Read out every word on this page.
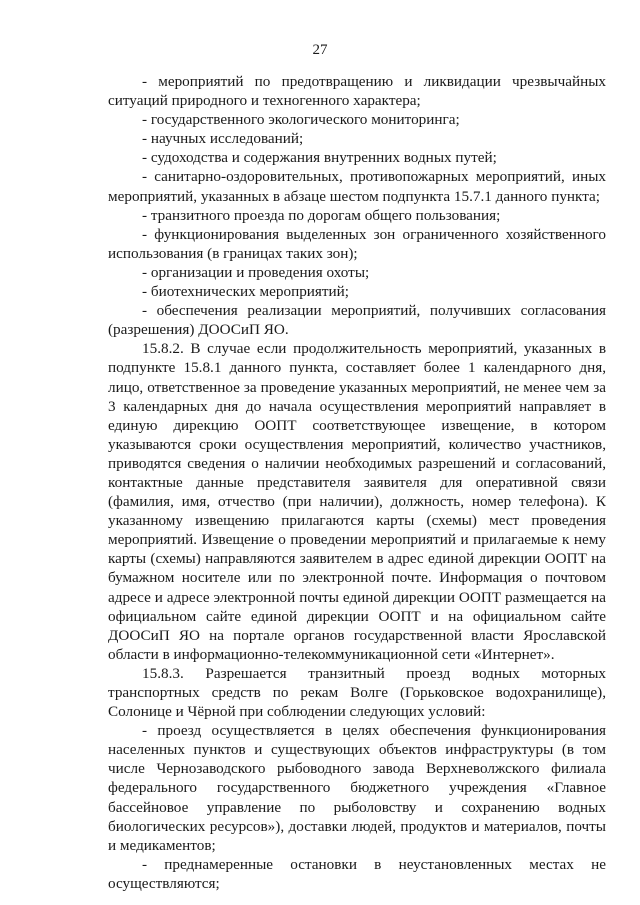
27

- мероприятий по предотвращению и ликвидации чрезвычайных ситуаций природного и техногенного характера;

- государственного экологического мониторинга;

- научных исследований;

- судоходства и содержания внутренних водных путей;

- санитарно-оздоровительных, противопожарных мероприятий, иных мероприятий, указанных в абзаце шестом подпункта 15.7.1 данного пункта;

- транзитного проезда по дорогам общего пользования;

- функционирования выделенных зон ограниченного хозяйственного использования (в границах таких зон);

- организации и проведения охоты;

- биотехнических мероприятий;

- обеспечения реализации мероприятий, получивших согласования (разрешения) ДООСиП ЯО.

15.8.2. В случае если продолжительность мероприятий, указанных в подпункте 15.8.1 данного пункта, составляет более 1 календарного дня, лицо, ответственное за проведение указанных мероприятий, не менее чем за 3 календарных дня до начала осуществления мероприятий направляет в единую дирекцию ООПТ соответствующее извещение, в котором указываются сроки осуществления мероприятий, количество участников, приводятся сведения о наличии необходимых разрешений и согласований, контактные данные представителя заявителя для оперативной связи (фамилия, имя, отчество (при наличии), должность, номер телефона). К указанному извещению прилагаются карты (схемы) мест проведения мероприятий. Извещение о проведении мероприятий и прилагаемые к нему карты (схемы) направляются заявителем в адрес единой дирекции ООПТ на бумажном носителе или по электронной почте. Информация о почтовом адресе и адресе электронной почты единой дирекции ООПТ размещается на официальном сайте единой дирекции ООПТ и на официальном сайте ДООСиП ЯО на портале органов государственной власти Ярославской области в информационно-телекоммуникационной сети «Интернет».

15.8.3. Разрешается транзитный проезд водных моторных транспортных средств по рекам Волге (Горьковское водохранилище), Солонице и Чёрной при соблюдении следующих условий:

- проезд осуществляется в целях обеспечения функционирования населенных пунктов и существующих объектов инфраструктуры (в том числе Чернозаводского рыбоводного завода Верхневолжского филиала федерального государственного бюджетного учреждения «Главное бассейновое управление по рыболовству и сохранению водных биологических ресурсов»), доставки людей, продуктов и материалов, почты и медикаментов;

- преднамеренные остановки в неустановленных местах не осуществляются;
